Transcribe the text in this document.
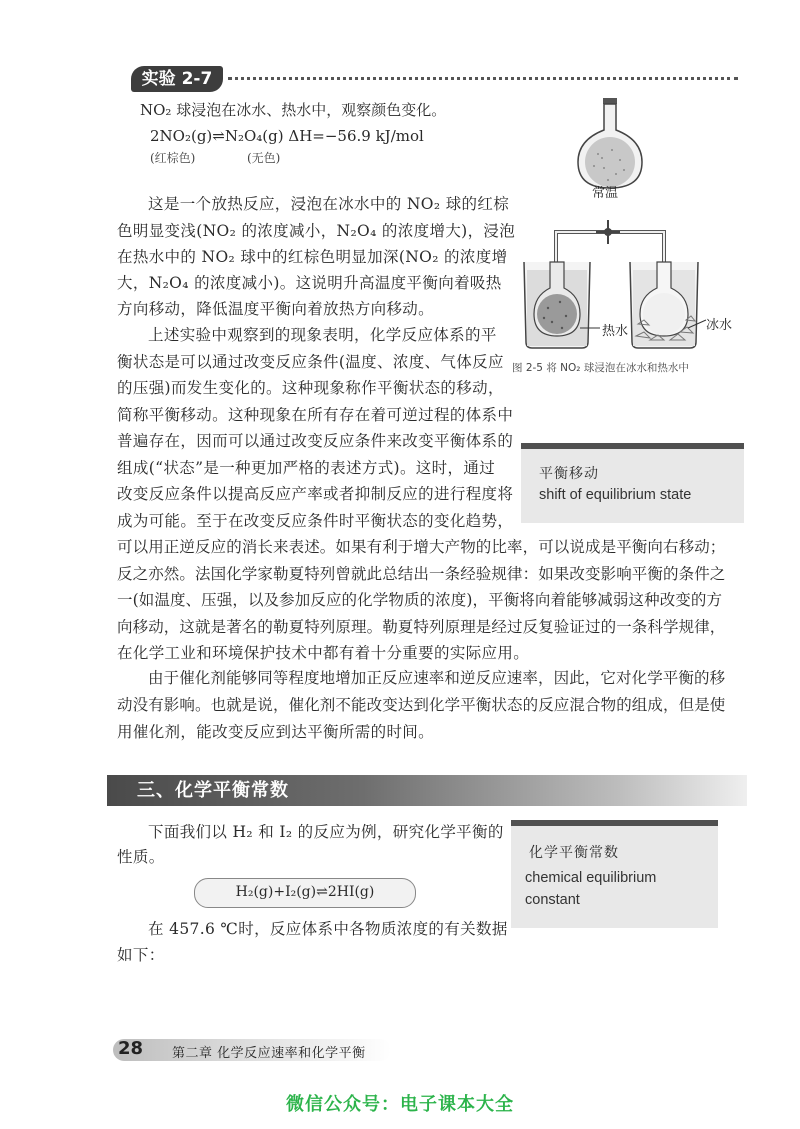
实验 2-7
NO₂ 球浸泡在冰水、热水中，观察颜色变化。
2NO₂(g)⇌N₂O₄(g) ΔH=−56.9 kJ/mol
(红棕色)	(无色)
这是一个放热反应，浸泡在冰水中的 NO₂ 球的红棕
色明显变浅(NO₂ 的浓度减小，N₂O₄ 的浓度增大)，浸泡
在热水中的 NO₂ 球中的红棕色明显加深(NO₂ 的浓度增
大，N₂O₄ 的浓度减小)。这说明升高温度平衡向着吸热
方向移动，降低温度平衡向着放热方向移动。
上述实验中观察到的现象表明，化学反应体系的平
衡状态是可以通过改变反应条件(温度、浓度、气体反应
的压强)而发生变化的。这种现象称作平衡状态的移动，
简称平衡移动。这种现象在所有存在着可逆过程的体系中
普遍存在，因而可以通过改变反应条件来改变平衡体系的
组成(“状态”是一种更加严格的表述方式)。这时，通过
改变反应条件以提高反应产率或者抑制反应的进行程度将
成为可能。至于在改变反应条件时平衡状态的变化趋势，
可以用正逆反应的消长来表述。如果有利于增大产物的比率，可以说成是平衡向右移动；
反之亦然。法国化学家勒夏特列曾就此总结出一条经验规律：如果改变影响平衡的条件之
一(如温度、压强，以及参加反应的化学物质的浓度)，平衡将向着能够减弱这种改变的方
向移动，这就是著名的勒夏特列原理。勒夏特列原理是经过反复验证过的一条科学规律，
在化学工业和环境保护技术中都有着十分重要的实际应用。
由于催化剂能够同等程度地增加正反应速率和逆反应速率，因此，它对化学平衡的移
动没有影响。也就是说，催化剂不能改变达到化学平衡状态的反应混合物的组成，但是使
用催化剂，能改变反应到达平衡所需的时间。
常温
热水	冰水
图 2-5 将 NO₂ 球浸泡在冰水和热水中
平衡移动
shift of equilibrium state
三、化学平衡常数
下面我们以 H₂ 和 I₂ 的反应为例，研究化学平衡的
性质。
H₂(g)+I₂(g)⇌2HI(g)
在 457.6 ℃时，反应体系中各物质浓度的有关数据
如下：
化学平衡常数
chemical equilibrium
constant
28 第二章 化学反应速率和化学平衡
微信公众号：电子课本大全
